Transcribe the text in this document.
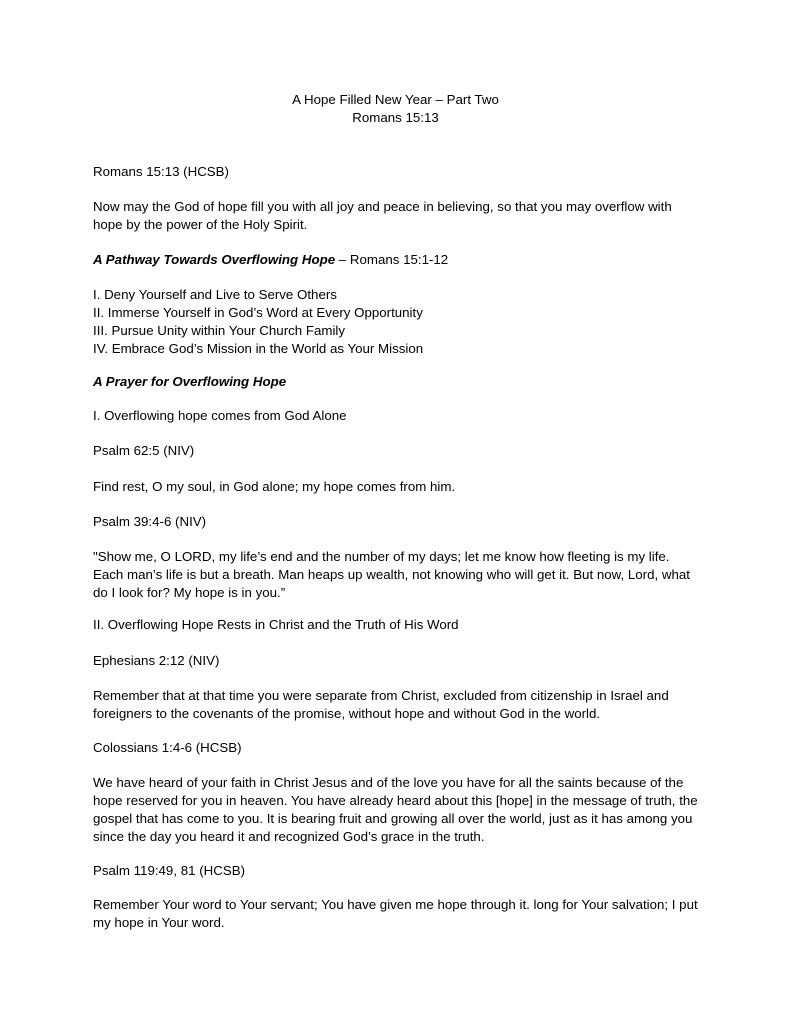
A Hope Filled New Year – Part Two
Romans 15:13

Romans 15:13 (HCSB)

Now may the God of hope fill you with all joy and peace in believing, so that you may overflow with
hope by the power of the Holy Spirit.

A Pathway Towards Overflowing Hope – Romans 15:1-12

I. Deny Yourself and Live to Serve Others
II. Immerse Yourself in God’s Word at Every Opportunity
III. Pursue Unity within Your Church Family
IV. Embrace God’s Mission in the World as Your Mission

A Prayer for Overflowing Hope

I. Overflowing hope comes from God Alone

Psalm 62:5 (NIV)

Find rest, O my soul, in God alone; my hope comes from him.

Psalm 39:4-6 (NIV)

"Show me, O LORD, my life’s end and the number of my days; let me know how fleeting is my life.
Each man’s life is but a breath. Man heaps up wealth, not knowing who will get it. But now, Lord, what
do I look for? My hope is in you.”

II. Overflowing Hope Rests in Christ and the Truth of His Word

Ephesians 2:12 (NIV)

Remember that at that time you were separate from Christ, excluded from citizenship in Israel and
foreigners to the covenants of the promise, without hope and without God in the world.

Colossians 1:4-6 (HCSB)

We have heard of your faith in Christ Jesus and of the love you have for all the saints because of the
hope reserved for you in heaven. You have already heard about this [hope] in the message of truth, the
gospel that has come to you. It is bearing fruit and growing all over the world, just as it has among you
since the day you heard it and recognized God’s grace in the truth.

Psalm 119:49, 81 (HCSB)

Remember Your word to Your servant; You have given me hope through it. long for Your salvation; I put
my hope in Your word.
